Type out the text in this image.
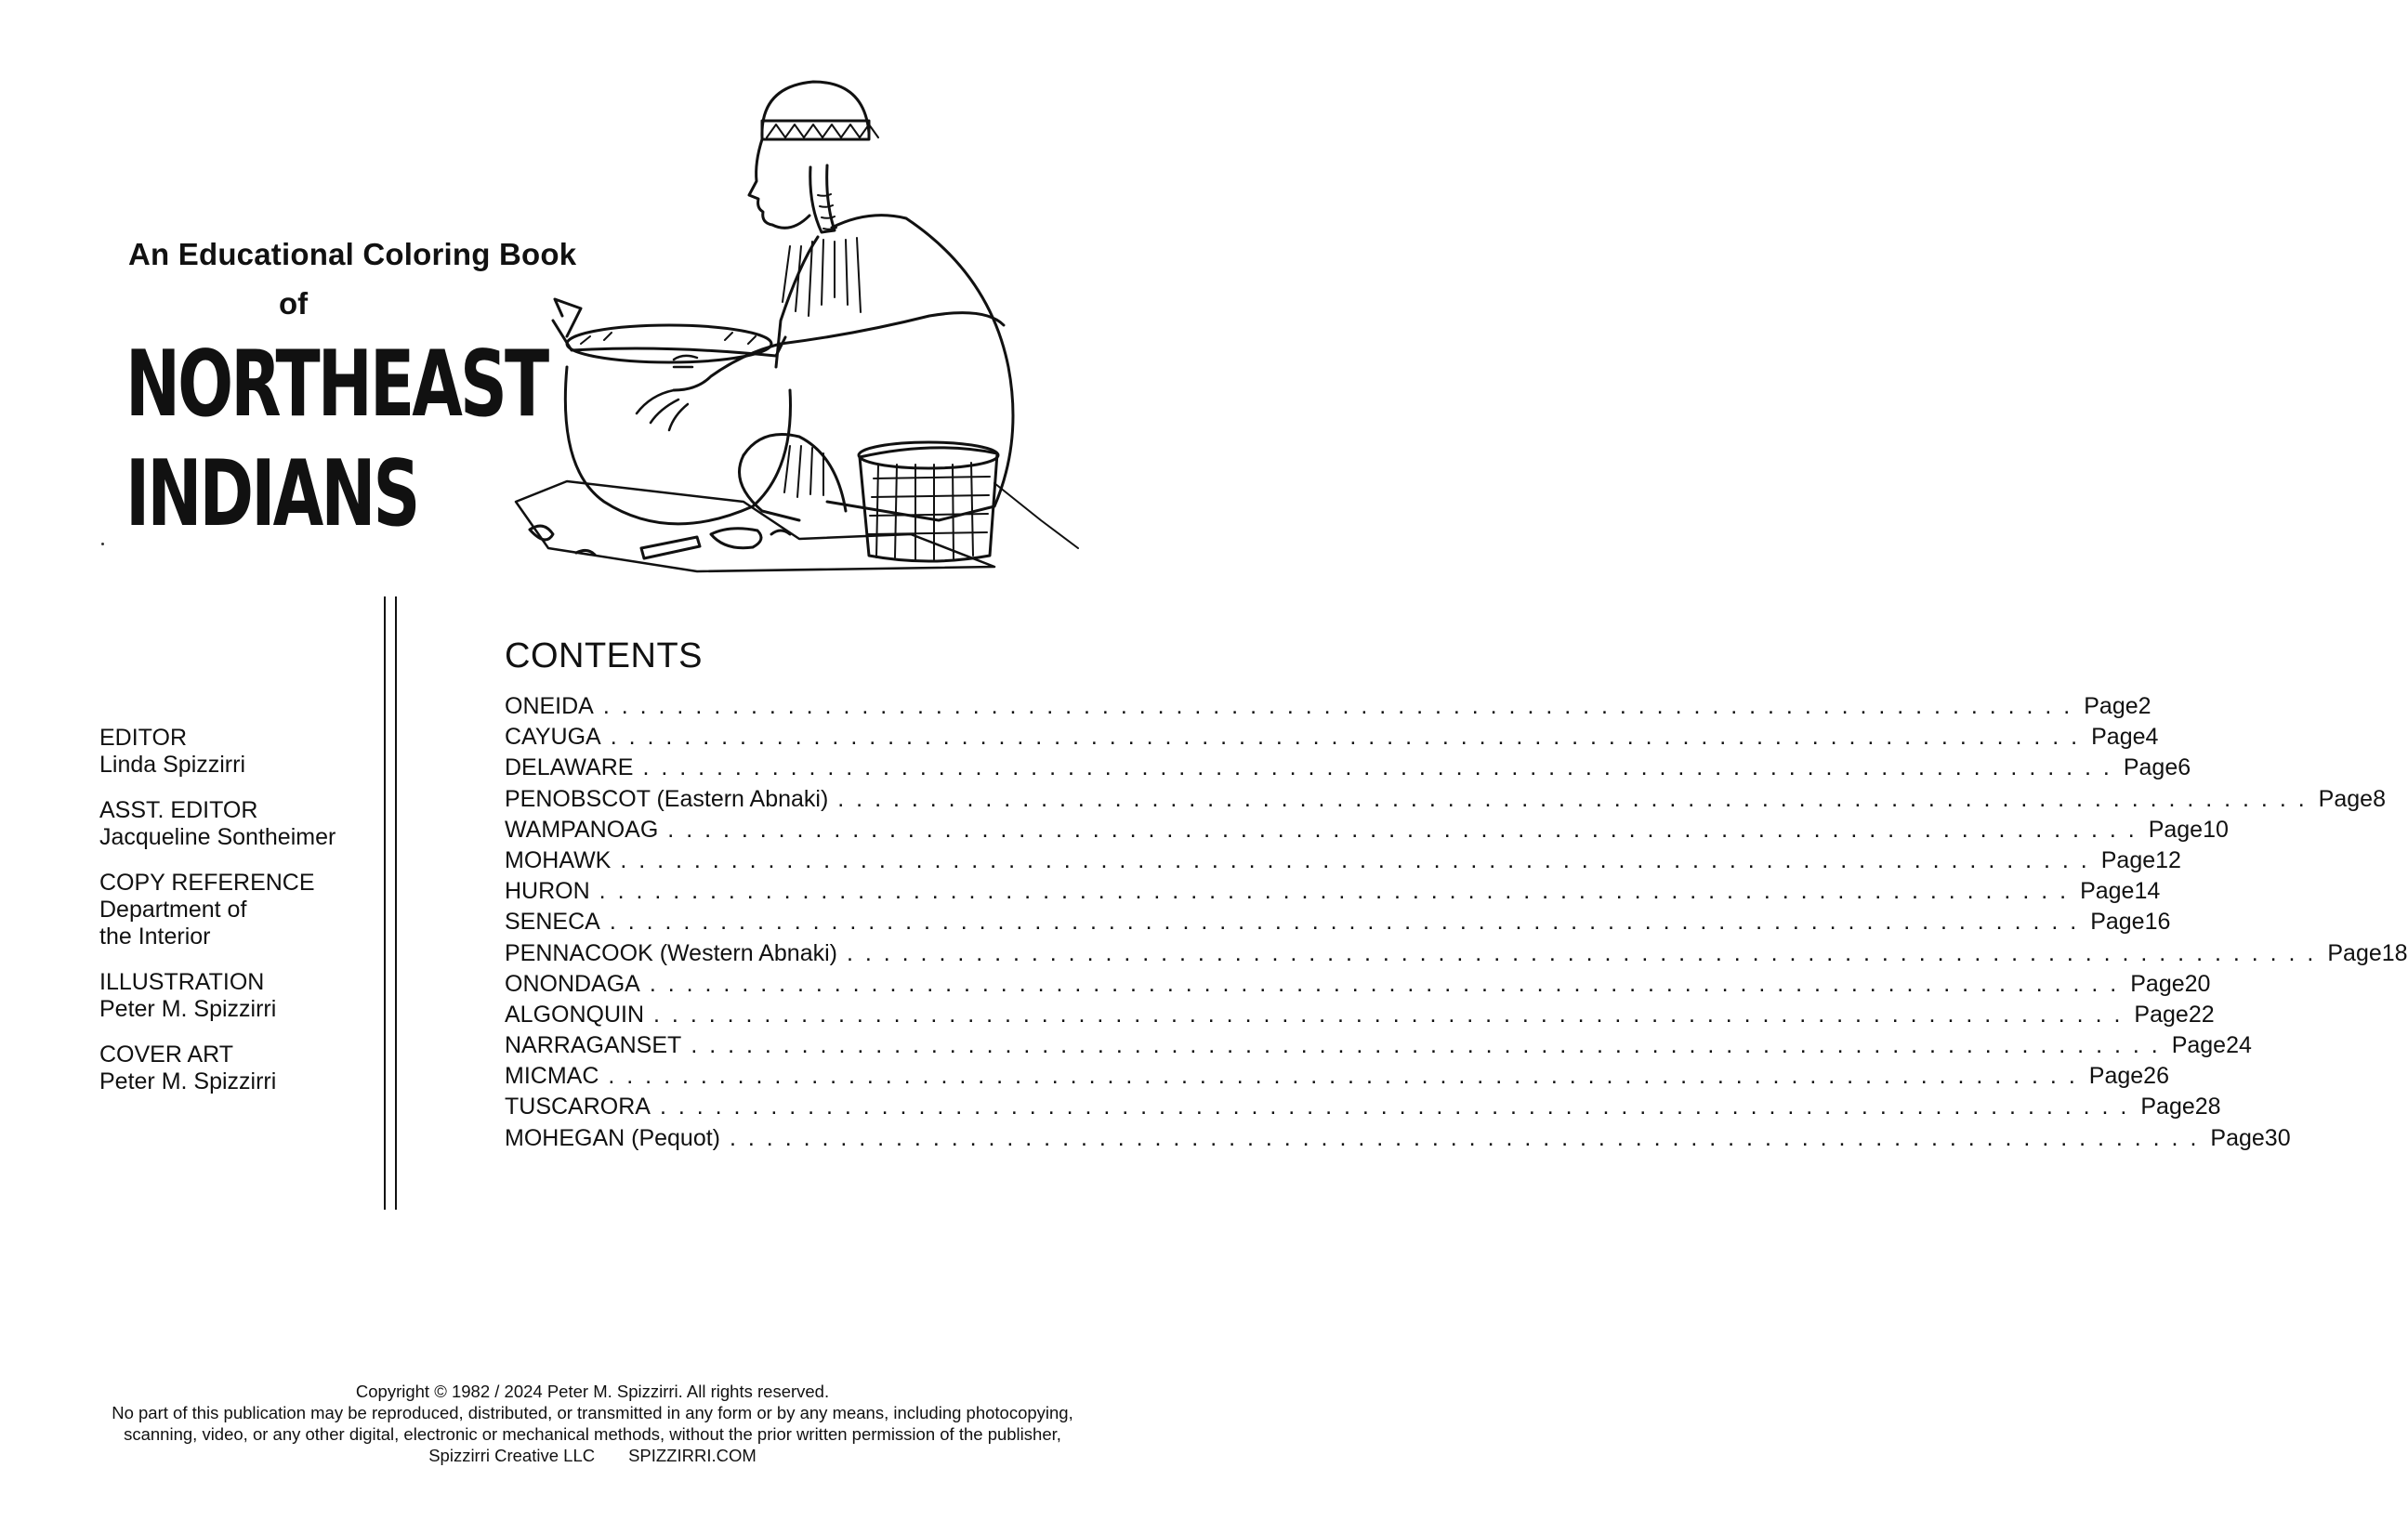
An Educational Coloring Book
of
NORTHEAST
INDIANS
EDITOR
Linda Spizzirri
ASST. EDITOR
Jacqueline Sontheimer
COPY REFERENCE
Department of
the Interior
ILLUSTRATION
Peter M. Spizzirri
COVER ART
Peter M. Spizzirri
CONTENTS
ONEIDA . . . . . . . . . . . . . . . . . . . . . . . . . . . . . . . . . . . . . . . . . . . . . . . . . . . . . . . . . . . . . . . . . . . . . . . . . . . . . . . . Page 2
CAYUGA . . . . . . . . . . . . . . . . . . . . . . . . . . . . . . . . . . . . . . . . . . . . . . . . . . . . . . . . . . . . . . . . . . . . . . . . . . . . . . . . Page 4
DELAWARE . . . . . . . . . . . . . . . . . . . . . . . . . . . . . . . . . . . . . . . . . . . . . . . . . . . . . . . . . . . . . . . . . . . . . . . . . . . . . . . . Page 6
PENOBSCOT (Eastern Abnaki) . . . . . . . . . . . . . . . . . . . . . . . . . . . . . . . . . . . . . . . . . . . . . . . . . . . . . . . . . . . . . . . . . . . . . . . . . . . . . . . . Page 8
WAMPANOAG . . . . . . . . . . . . . . . . . . . . . . . . . . . . . . . . . . . . . . . . . . . . . . . . . . . . . . . . . . . . . . . . . . . . . . . . . . . . . . . . Page 10
MOHAWK . . . . . . . . . . . . . . . . . . . . . . . . . . . . . . . . . . . . . . . . . . . . . . . . . . . . . . . . . . . . . . . . . . . . . . . . . . . . . . . . Page 12
HURON . . . . . . . . . . . . . . . . . . . . . . . . . . . . . . . . . . . . . . . . . . . . . . . . . . . . . . . . . . . . . . . . . . . . . . . . . . . . . . . . Page 14
SENECA . . . . . . . . . . . . . . . . . . . . . . . . . . . . . . . . . . . . . . . . . . . . . . . . . . . . . . . . . . . . . . . . . . . . . . . . . . . . . . . . Page 16
PENNACOOK (Western Abnaki) . . . . . . . . . . . . . . . . . . . . . . . . . . . . . . . . . . . . . . . . . . . . . . . . . . . . . . . . . . . . . . . . . . . . . . . . . . . . . . . . Page 18
ONONDAGA . . . . . . . . . . . . . . . . . . . . . . . . . . . . . . . . . . . . . . . . . . . . . . . . . . . . . . . . . . . . . . . . . . . . . . . . . . . . . . . . Page 20
ALGONQUIN . . . . . . . . . . . . . . . . . . . . . . . . . . . . . . . . . . . . . . . . . . . . . . . . . . . . . . . . . . . . . . . . . . . . . . . . . . . . . . . . Page 22
NARRAGANSET . . . . . . . . . . . . . . . . . . . . . . . . . . . . . . . . . . . . . . . . . . . . . . . . . . . . . . . . . . . . . . . . . . . . . . . . . . . . . . . . Page 24
MICMAC . . . . . . . . . . . . . . . . . . . . . . . . . . . . . . . . . . . . . . . . . . . . . . . . . . . . . . . . . . . . . . . . . . . . . . . . . . . . . . . . Page 26
TUSCARORA . . . . . . . . . . . . . . . . . . . . . . . . . . . . . . . . . . . . . . . . . . . . . . . . . . . . . . . . . . . . . . . . . . . . . . . . . . . . . . . . Page 28
MOHEGAN (Pequot) . . . . . . . . . . . . . . . . . . . . . . . . . . . . . . . . . . . . . . . . . . . . . . . . . . . . . . . . . . . . . . . . . . . . . . . . . . . . . . . . Page 30
Copyright © 1982 / 2024 Peter M. Spizzirri. All rights reserved.
No part of this publication may be reproduced, distributed, or transmitted in any form or by any means, including photocopying,
scanning, video, or any other digital, electronic or mechanical methods, without the prior written permission of the publisher,
Spizzirri Creative LLC       SPIZZIRRI.COM
